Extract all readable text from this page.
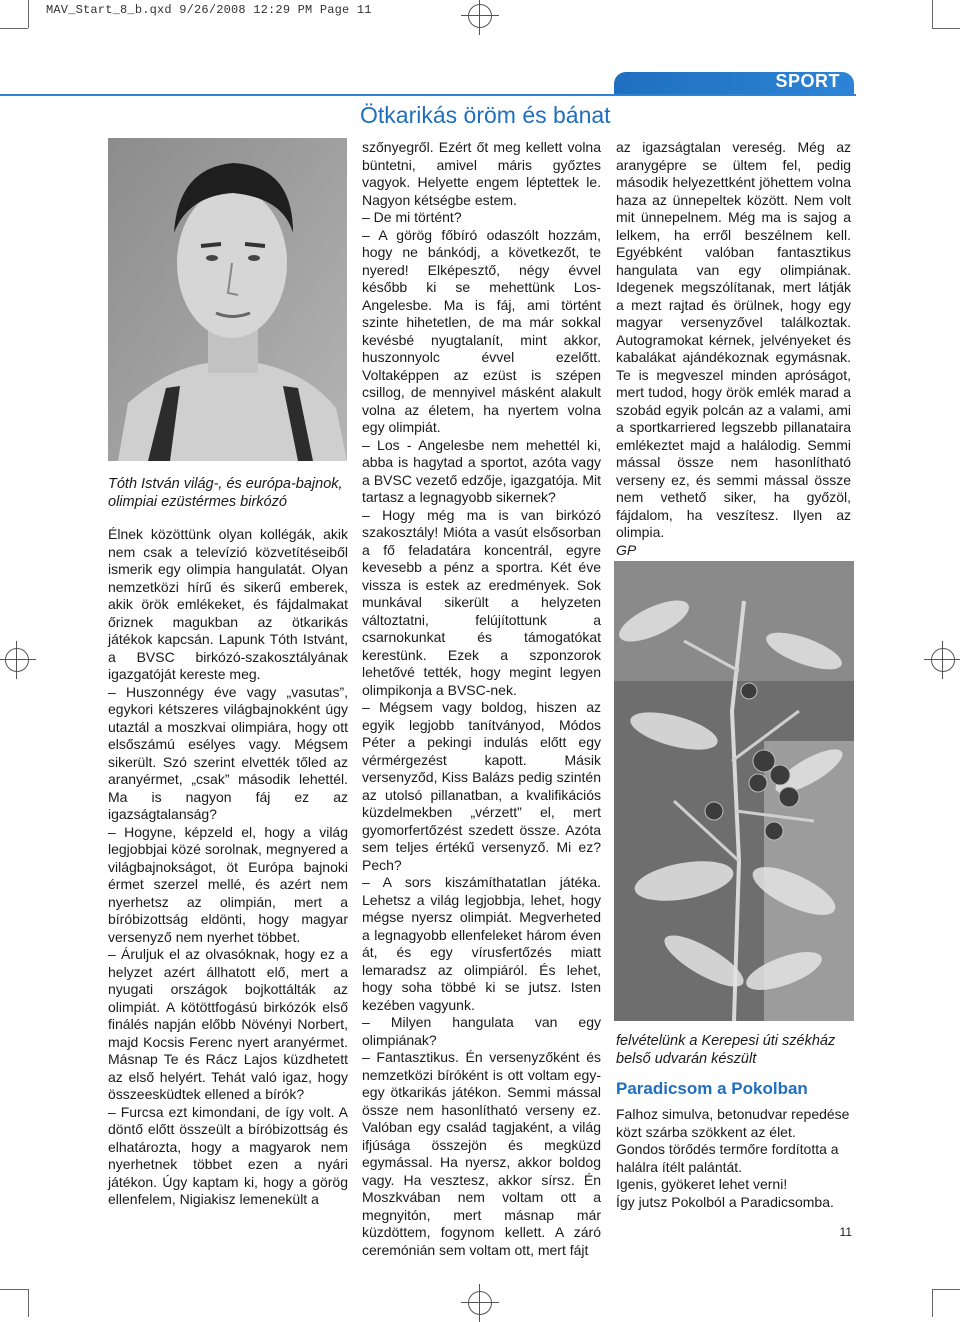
MAV_Start_8_b.qxd 9/26/2008 12:29 PM Page 11
SPORT
Ötkarikás öröm és bánat
Tóth István világ-, és európa-bajnok, olimpiai ezüstérmes birkózó

Élnek közöttünk olyan kollégák, akik nem csak a televízió közvetítéseiből ismerik egy olimpia hangulatát. Olyan nemzetközi hírű és sikerű emberek, akik örök emlékeket, és fájdalmakat őriznek magukban az ötkarikás játékok kapcsán. Lapunk Tóth Istvánt, a BVSC birkózó-szakosztályának igazgatóját kereste meg.

– Huszonnégy éve vagy „vasutas”, egykori kétszeres világbajnokként úgy utaztál a moszkvai olimpiára, hogy ott elsőszámú esélyes vagy. Mégsem sikerült. Szó szerint elvették tőled az aranyérmet, „csak” második lehettél. Ma is nagyon fáj ez az igazságtalanság?

– Hogyne, képzeld el, hogy a világ legjobbjai közé sorolnak, megnyered a világbajnokságot, öt Európa bajnoki érmet szerzel mellé, és azért nem nyerhetsz az olimpián, mert a bíróbizottság eldönti, hogy magyar versenyző nem nyerhet többet.

– Áruljuk el az olvasóknak, hogy ez a helyzet azért állhatott elő, mert a nyugati országok bojkottálták az olimpiát. A kötöttfogású birkózók első finálés napján előbb Növényi Norbert, majd Kocsis Ferenc nyert aranyérmet. Másnap Te és Rácz Lajos küzdhetett az első helyért. Tehát való igaz, hogy összeesküdtek ellened a bírók?

– Furcsa ezt kimondani, de így volt. A döntő előtt összeült a bíróbizottság és elhatározta, hogy a magyarok nem nyerhetnek többet ezen a nyári játékon. Úgy kaptam ki, hogy a görög ellenfelem, Nigiakisz lemenekült a

szőnyegről. Ezért őt meg kellett volna büntetni, amivel máris győztes vagyok. Helyette engem léptettek le. Nagyon kétségbe estem.

– De mi történt?

– A görög főbíró odaszólt hozzám, hogy ne bánkódj, a következőt, te nyered! Elképesztő, négy évvel később ki se mehettünk Los-Angelesbe. Ma is fáj, ami történt szinte hihetetlen, de ma már sokkal kevésbé nyugtalanít, mint akkor, huszonnyolc évvel ezelőtt. Voltaképpen az ezüst is szépen csillog, de mennyivel másként alakult volna az életem, ha nyertem volna egy olimpiát.

– Los - Angelesbe nem mehettél ki, abba is hagytad a sportot, azóta vagy a BVSC vezető edzője, igazgatója. Mit tartasz a legnagyobb sikernek?

– Hogy még ma is van birkózó szakosztály! Mióta a vasút elsősorban a fő feladatára koncentrál, egyre kevesebb a pénz a sportra. Két éve vissza is estek az eredmények. Sok munkával sikerült a helyzeten változtatni, felújítottunk a csarnokunkat és támogatókat kerestünk. Ezek a szponzorok lehetővé tették, hogy megint legyen olimpikonja a BVSC-nek.

– Mégsem vagy boldog, hiszen az egyik legjobb tanítványod, Módos Péter a pekingi indulás előtt egy vérmérgezést kapott. Másik versenyződ, Kiss Balázs pedig szintén az utolsó pillanatban, a kvalifikációs küzdelmekben „vérzett” el, mert gyomorfertőzést szedett össze. Azóta sem teljes értékű versenyző. Mi ez? Pech?

– A sors kiszámíthatatlan játéka. Lehetsz a világ legjobbja, lehet, hogy mégse nyersz olimpiát. Megverheted a legnagyobb ellenfeleket három éven át, és egy vírusfertőzés miatt lemaradsz az olimpiáról. És lehet, hogy soha többé ki se jutsz. Isten kezében vagyunk.

– Milyen hangulata van egy olimpiának?

– Fantasztikus. Én versenyzőként és nemzetközi bíróként is ott voltam egy-egy ötkarikás játékon. Semmi mással össze nem hasonlítható verseny ez. Valóban egy család tagjaként, a világ ifjúsága összejön és megküzd egymással. Ha nyersz, akkor boldog vagy. Ha vesztesz, akkor sírsz. Én Moszkvában nem voltam ott a megnyitón, mert másnap már küzdöttem, fogynom kellett. A záró ceremónián sem voltam ott, mert fájt

az igazságtalan vereség. Még az aranygépre se ültem fel, pedig második helyezettként jöhettem volna haza az ünnepeltek között. Nem volt mit ünnepelnem. Még ma is sajog a lelkem, ha erről beszélnem kell. Egyébként valóban fantasztikus hangulata van egy olimpiának. Idegenek megszólítanak, mert látják a mezt rajtad és örülnek, hogy egy magyar versenyzővel találkoztak. Autogramokat kérnek, jelvényeket és kabalákat ajándékoznak egymásnak. Te is megveszel minden apróságot, mert tudod, hogy örök emlék marad a szobád egyik polcán az a valami, ami a sportkarriered legszebb pillanataira emlékeztet majd a halálodig. Semmi mással össze nem hasonlítható verseny ez, és semmi mással össze nem vethető siker, ha győzöl, fájdalom, ha veszítesz. Ilyen az olimpia.

GP

felvételünk a Kerepesi úti székház belső udvarán készült
Paradicsom a Pokolban

Falhoz simulva, betonudvar repedése közt szárba szökkent az élet.

Gondos törődés termőre fordította a halálra ítélt palántát.

Igenis, gyökeret lehet verni!

Így jutsz Pokolból a Paradicsomba.

11
